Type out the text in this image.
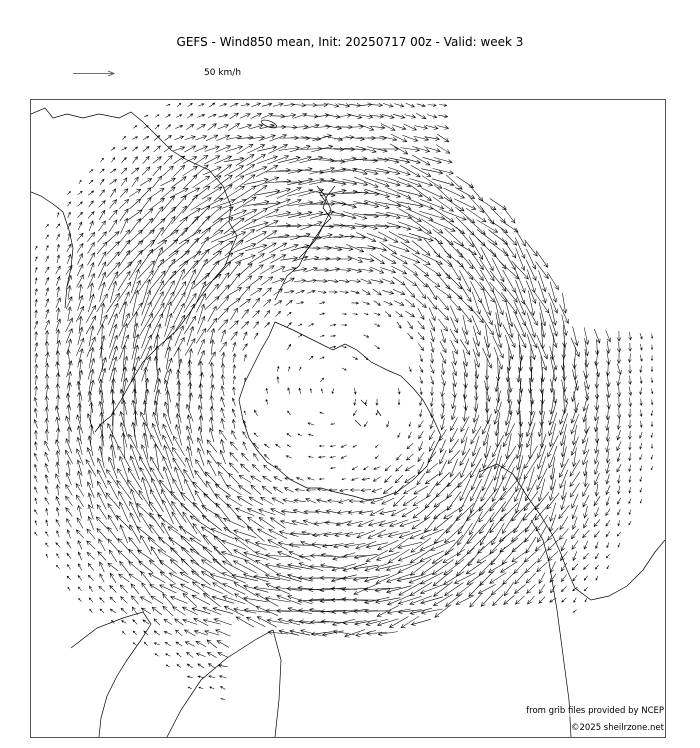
GEFS - Wind850 mean, Init: 20250717 00z - Valid: week 3
50 km/h
from grib files provided by NCEP
©2025 sheilrzone.net
